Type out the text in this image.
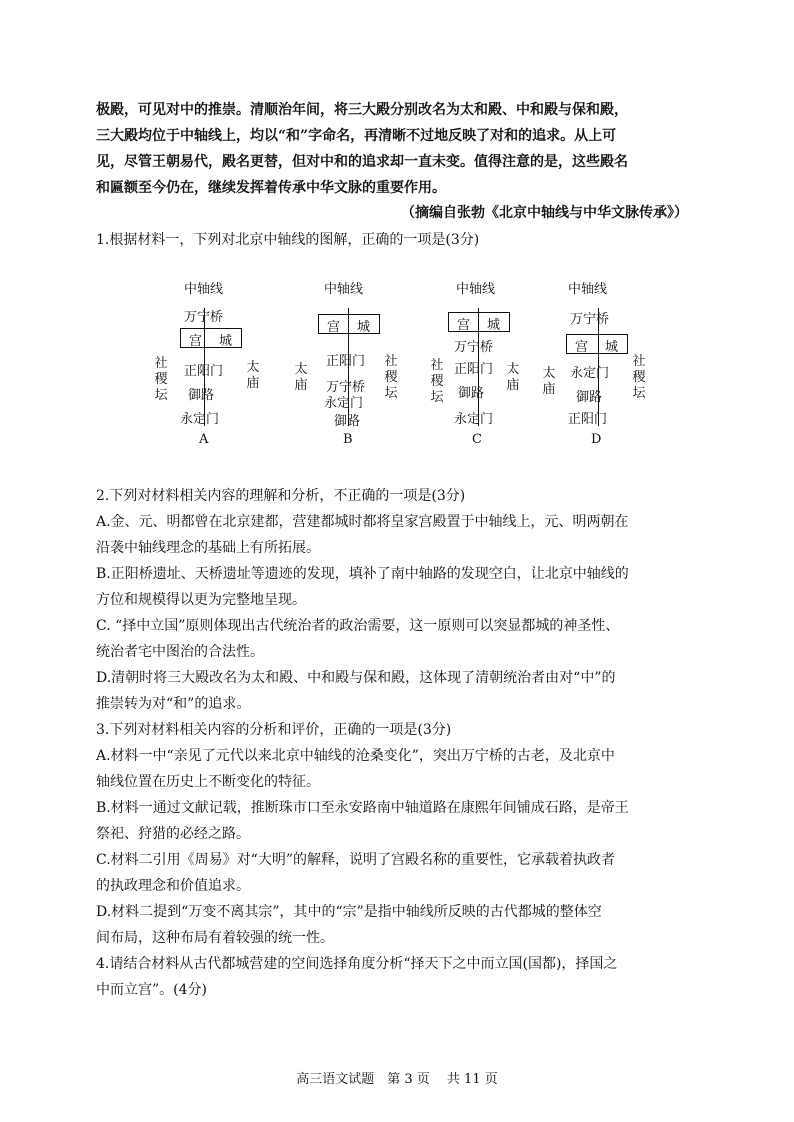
极殿，可见对中的推崇。清顺治年间，将三大殿分别改名为太和殿、中和殿与保和殿，

三大殿均位于中轴线上，均以“和”字命名，再清晰不过地反映了对和的追求。从上可

见，尽管王朝易代，殿名更替，但对中和的追求却一直未变。值得注意的是，这些殿名

和匾额至今仍在，继续发挥着传承中华文脉的重要作用。

（摘编自张勃《北京中轴线与中华文脉传承》）

1.根据材料一，下列对北京中轴线的图解，正确的一项是(3分)

中轴线
万宁桥
宫 城
社稷坛
太庙
正阳门
御路
永定门
A
中轴线
宫 城
太庙
社稷坛
正阳门
万宁桥
永定门
御路
B
中轴线
宫 城
万宁桥
社稷坛
太庙
正阳门
御路
永定门
C
中轴线
万宁桥
宫 城
太庙
社稷坛
永定门
御路
正阳门
D

2.下列对材料相关内容的理解和分析，不正确的一项是(3分)

A.金、元、明都曾在北京建都，营建都城时都将皇家宫殿置于中轴线上，元、明两朝在

沿袭中轴线理念的基础上有所拓展。

B.正阳桥遗址、天桥遗址等遗迹的发现，填补了南中轴路的发现空白，让北京中轴线的

方位和规模得以更为完整地呈现。

C. “择中立国”原则体现出古代统治者的政治需要，这一原则可以突显都城的神圣性、

统治者宅中图治的合法性。

D.清朝时将三大殿改名为太和殿、中和殿与保和殿，这体现了清朝统治者由对“中”的

推崇转为对“和”的追求。

3.下列对材料相关内容的分析和评价，正确的一项是(3分)

A.材料一中“亲见了元代以来北京中轴线的沧桑变化”，突出万宁桥的古老，及北京中

轴线位置在历史上不断变化的特征。

B.材料一通过文献记载，推断珠市口至永安路南中轴道路在康熙年间铺成石路，是帝王

祭祀、狩猎的必经之路。

C.材料二引用《周易》对“大明”的解释，说明了宫殿名称的重要性，它承载着执政者

的执政理念和价值追求。

D.材料二提到“万变不离其宗”，其中的“宗”是指中轴线所反映的古代都城的整体空

间布局，这种布局有着较强的统一性。

4.请结合材料从古代都城营建的空间选择角度分析“择天下之中而立国(国都)，择国之

中而立宫”。(4分)

高三语文试题　第 3 页　 共 11 页
